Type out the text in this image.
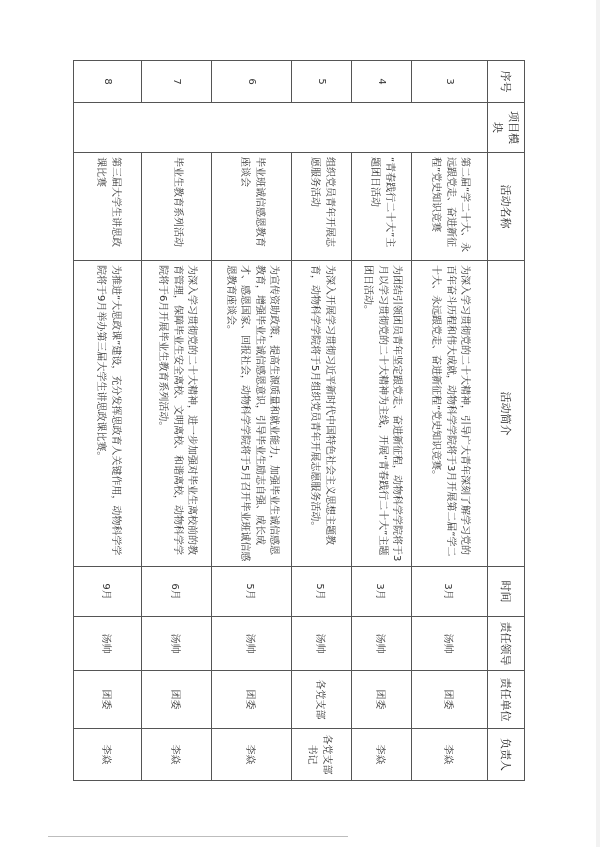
序号	项目模块	活动名称	活动简介	时间	责任领导	责任单位	负责人
3		第二届“学二十大、永远跟党走、奋进新征程”党史知识竞赛	为深入学习贯彻党的二十大精神，引导广大青年深刻了解学习党的百年奋斗历程和伟大成就，动物科学学院将于3月开展第二届“学二十大、永远跟党走、奋进新征程”党史知识竞赛。	3月	汤帅	团委	李焱
4		“青春践行二十大”主题团日活动	为团结引领团员青年坚定跟党走、奋进新征程，动物科学学院将于3月以学习贯彻党的二十大精神为主线，开展“青春践行二十大”主题团日活动。	3月	汤帅	团委	李焱
5		组织党员青年开展志愿服务活动	为深入开展学习贯彻习近平新时代中国特色社会主义思想主题教育，动物科学学院将于5月组织党员青年开展志愿服务活动。	5月	汤帅	各党支部	各党支部书记
6		毕业班诚信感恩教育座谈会	为宣传资助政策，提高生源质量和就业能力，加强毕业生诚信感恩教育，增强毕业生诚信感恩意识，引导毕业生励志自强、成长成才、感恩国家、回报社会，动物科学学院将于5月召开毕业班诚信感恩教育座谈会。	5月	汤帅	团委	李焱
7		毕业生教育系列活动	为深入学习贯彻党的二十大精神，进一步加强对毕业生离校前的教育管理，保障毕业生安全离校、文明离校、和谐离校，动物科学学院将于6月开展毕业生教育系列活动。	6月	汤帅	团委	李焱
8		第三届大学生讲思政课比赛	为推进“大思政课”建设，充分发挥思政育人关键作用，动物科学学院将于9月举办第三届大学生讲思政课比赛。	9月	汤帅	团委	李焱
